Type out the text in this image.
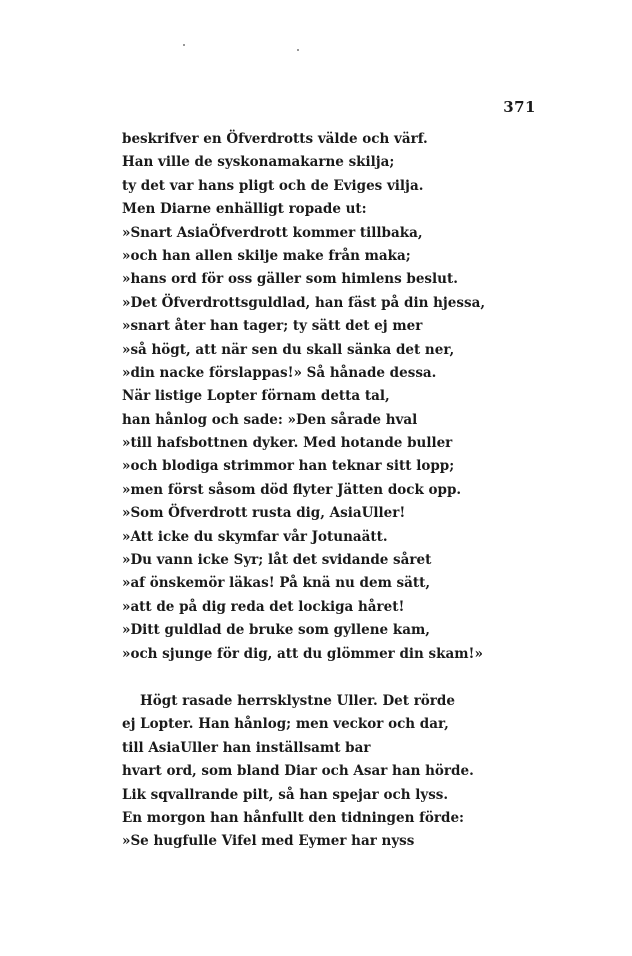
371
beskrifver en Öfverdrotts välde och värf.
Han ville de syskonamakarne skilja;
ty det var hans pligt och de Eviges vilja.
Men Diarne enhälligt ropade ut:
»Snart AsiaÖfverdrott kommer tillbaka,
»och han allen skilje make från maka;
»hans ord för oss gäller som himlens beslut.
»Det Öfverdrottsguldlad, han fäst på din hjessa,
»snart åter han tager; ty sätt det ej mer
»så högt, att när sen du skall sänka det ner,
»din nacke förslappas!» Så hånade dessa.
När listige Lopter förnam detta tal,
han hånlog och sade: »Den sårade hval
»till hafsbottnen dyker. Med hotande buller
»och blodiga strimmor han teknar sitt lopp;
»men först såsom död flyter Jätten dock opp.
»Som Öfverdrott rusta dig, AsiaUller!
»Att icke du skymfar vår Jotunaätt.
»Du vann icke Syr; låt det svidande såret
»af önskemör läkas! På knä nu dem sätt,
»att de på dig reda det lockiga håret!
»Ditt guldlad de bruke som gyllene kam,
»och sjunge för dig, att du glömmer din skam!»
Högt rasade herrsklystne Uller. Det rörde
ej Lopter. Han hånlog; men veckor och dar,
till AsiaUller han inställsamt bar
hvart ord, som bland Diar och Asar han hörde.
Lik sqvallrande pilt, så han spejar och lyss.
En morgon han hånfullt den tidningen förde:
»Se hugfulle Vifel med Eymer har nyss
